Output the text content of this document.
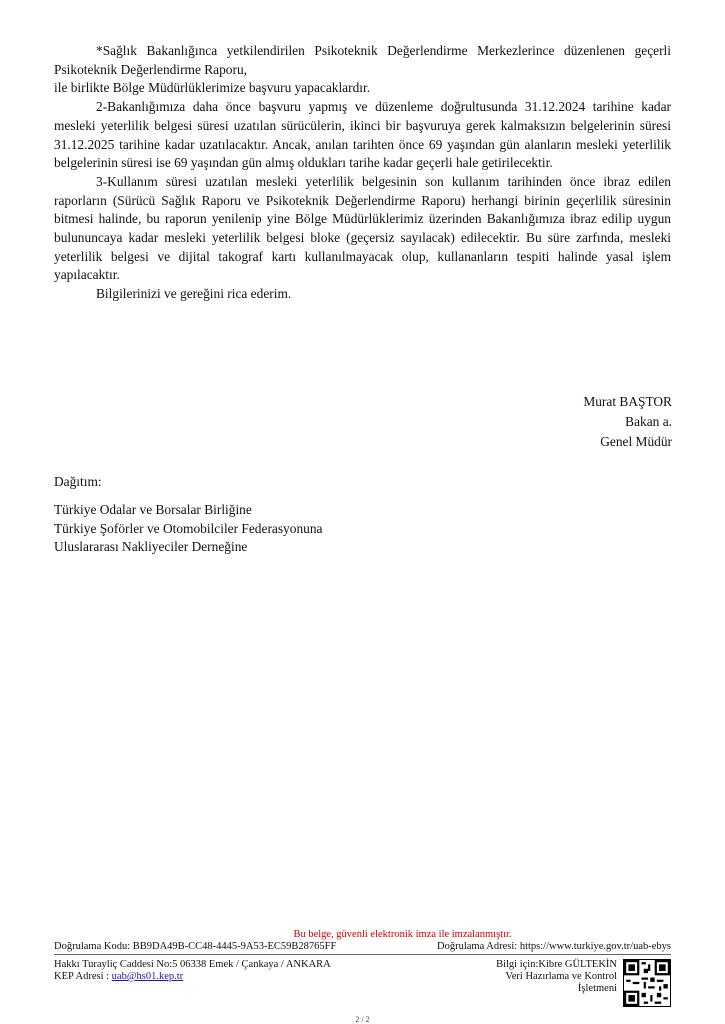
*Sağlık Bakanlığınca yetkilendirilen Psikoteknik Değerlendirme Merkezlerince düzenlenen geçerli Psikoteknik Değerlendirme Raporu,

ile birlikte Bölge Müdürlüklerimize başvuru yapacaklardır.

2-Bakanlığımıza daha önce başvuru yapmış ve düzenleme doğrultusunda 31.12.2024 tarihine kadar mesleki yeterlilik belgesi süresi uzatılan sürücülerin, ikinci bir başvuruya gerek kalmaksızın belgelerinin süresi 31.12.2025 tarihine kadar uzatılacaktır. Ancak, anılan tarihten önce 69 yaşından gün alanların mesleki yeterlilik belgelerinin süresi ise 69 yaşından gün almış oldukları tarihe kadar geçerli hale getirilecektir.

3-Kullanım süresi uzatılan mesleki yeterlilik belgesinin son kullanım tarihinden önce ibraz edilen raporların (Sürücü Sağlık Raporu ve Psikoteknik Değerlendirme Raporu) herhangi birinin geçerlilik süresinin bitmesi halinde, bu raporun yenilenip yine Bölge Müdürlüklerimiz üzerinden Bakanlığımıza ibraz edilip uygun bulununcaya kadar mesleki yeterlilik belgesi bloke (geçersiz sayılacak) edilecektir. Bu süre zarfında, mesleki yeterlilik belgesi ve dijital takograf kartı kullanılmayacak olup, kullananların tespiti halinde yasal işlem yapılacaktır.

Bilgilerinizi ve gereğini rica ederim.

Murat BAŞTOR
Bakan a.
Genel Müdür
Dağıtım:
Türkiye Odalar ve Borsalar Birliğine
Türkiye Şoförler ve Otomobilciler Federasyonuna
Uluslararası Nakliyeciler Derneğine
Bu belge, güvenli elektronik imza ile imzalanmıştır.
Doğrulama Kodu: BB9DA49B-CC48-4445-9A53-EC59B28765FF	Doğrulama Adresi: https://www.turkiye.gov.tr/uab-ebys
Hakkı Turayliç Caddesi No:5 06338 Emek / Çankaya / ANKARA
KEP Adresi : uab@hs01.kep.tr
Bilgi için:Kibre GÜLTEKİN
Veri Hazırlama ve Kontrol
İşletmeni
2 / 2
